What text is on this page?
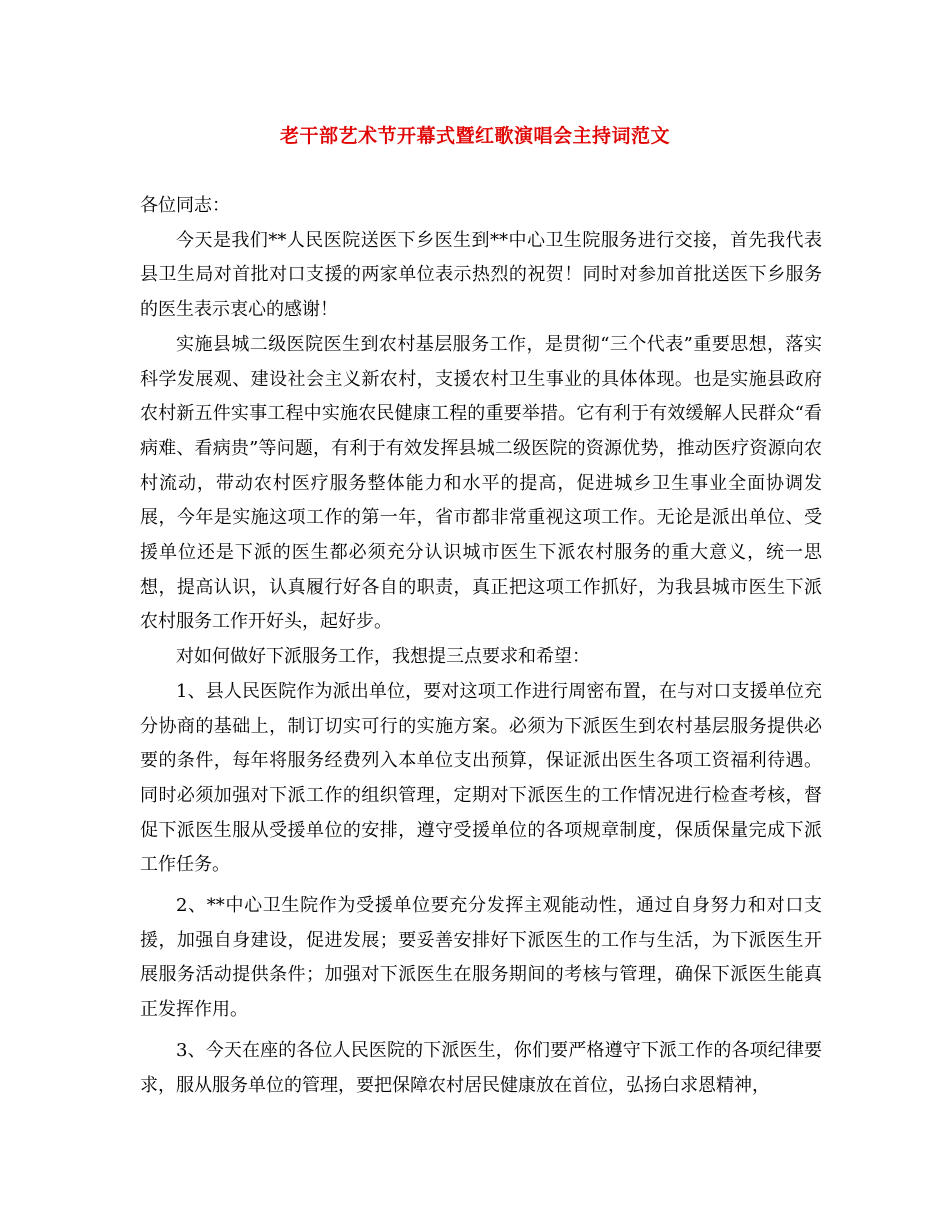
老干部艺术节开幕式暨红歌演唱会主持词范文

各位同志：

今天是我们**人民医院送医下乡医生到**中心卫生院服务进行交接，首先我代表县卫生局对首批对口支援的两家单位表示热烈的祝贺！同时对参加首批送医下乡服务的医生表示衷心的感谢！

实施县城二级医院医生到农村基层服务工作，是贯彻“三个代表”重要思想，落实科学发展观、建设社会主义新农村，支援农村卫生事业的具体体现。也是实施县政府农村新五件实事工程中实施农民健康工程的重要举措。它有利于有效缓解人民群众“看病难、看病贵”等问题，有利于有效发挥县城二级医院的资源优势，推动医疗资源向农村流动，带动农村医疗服务整体能力和水平的提高，促进城乡卫生事业全面协调发展，今年是实施这项工作的第一年，省市都非常重视这项工作。无论是派出单位、受援单位还是下派的医生都必须充分认识城市医生下派农村服务的重大意义，统一思想，提高认识，认真履行好各自的职责，真正把这项工作抓好，为我县城市医生下派农村服务工作开好头，起好步。

对如何做好下派服务工作，我想提三点要求和希望：

1、县人民医院作为派出单位，要对这项工作进行周密布置，在与对口支援单位充分协商的基础上，制订切实可行的实施方案。必须为下派医生到农村基层服务提供必要的条件，每年将服务经费列入本单位支出预算，保证派出医生各项工资福利待遇。同时必须加强对下派工作的组织管理，定期对下派医生的工作情况进行检查考核，督促下派医生服从受援单位的安排，遵守受援单位的各项规章制度，保质保量完成下派工作任务。

2、**中心卫生院作为受援单位要充分发挥主观能动性，通过自身努力和对口支援，加强自身建设，促进发展；要妥善安排好下派医生的工作与生活，为下派医生开展服务活动提供条件；加强对下派医生在服务期间的考核与管理，确保下派医生能真正发挥作用。

3、今天在座的各位人民医院的下派医生，你们要严格遵守下派工作的各项纪律要求，服从服务单位的管理，要把保障农村居民健康放在首位，弘扬白求恩精神，
